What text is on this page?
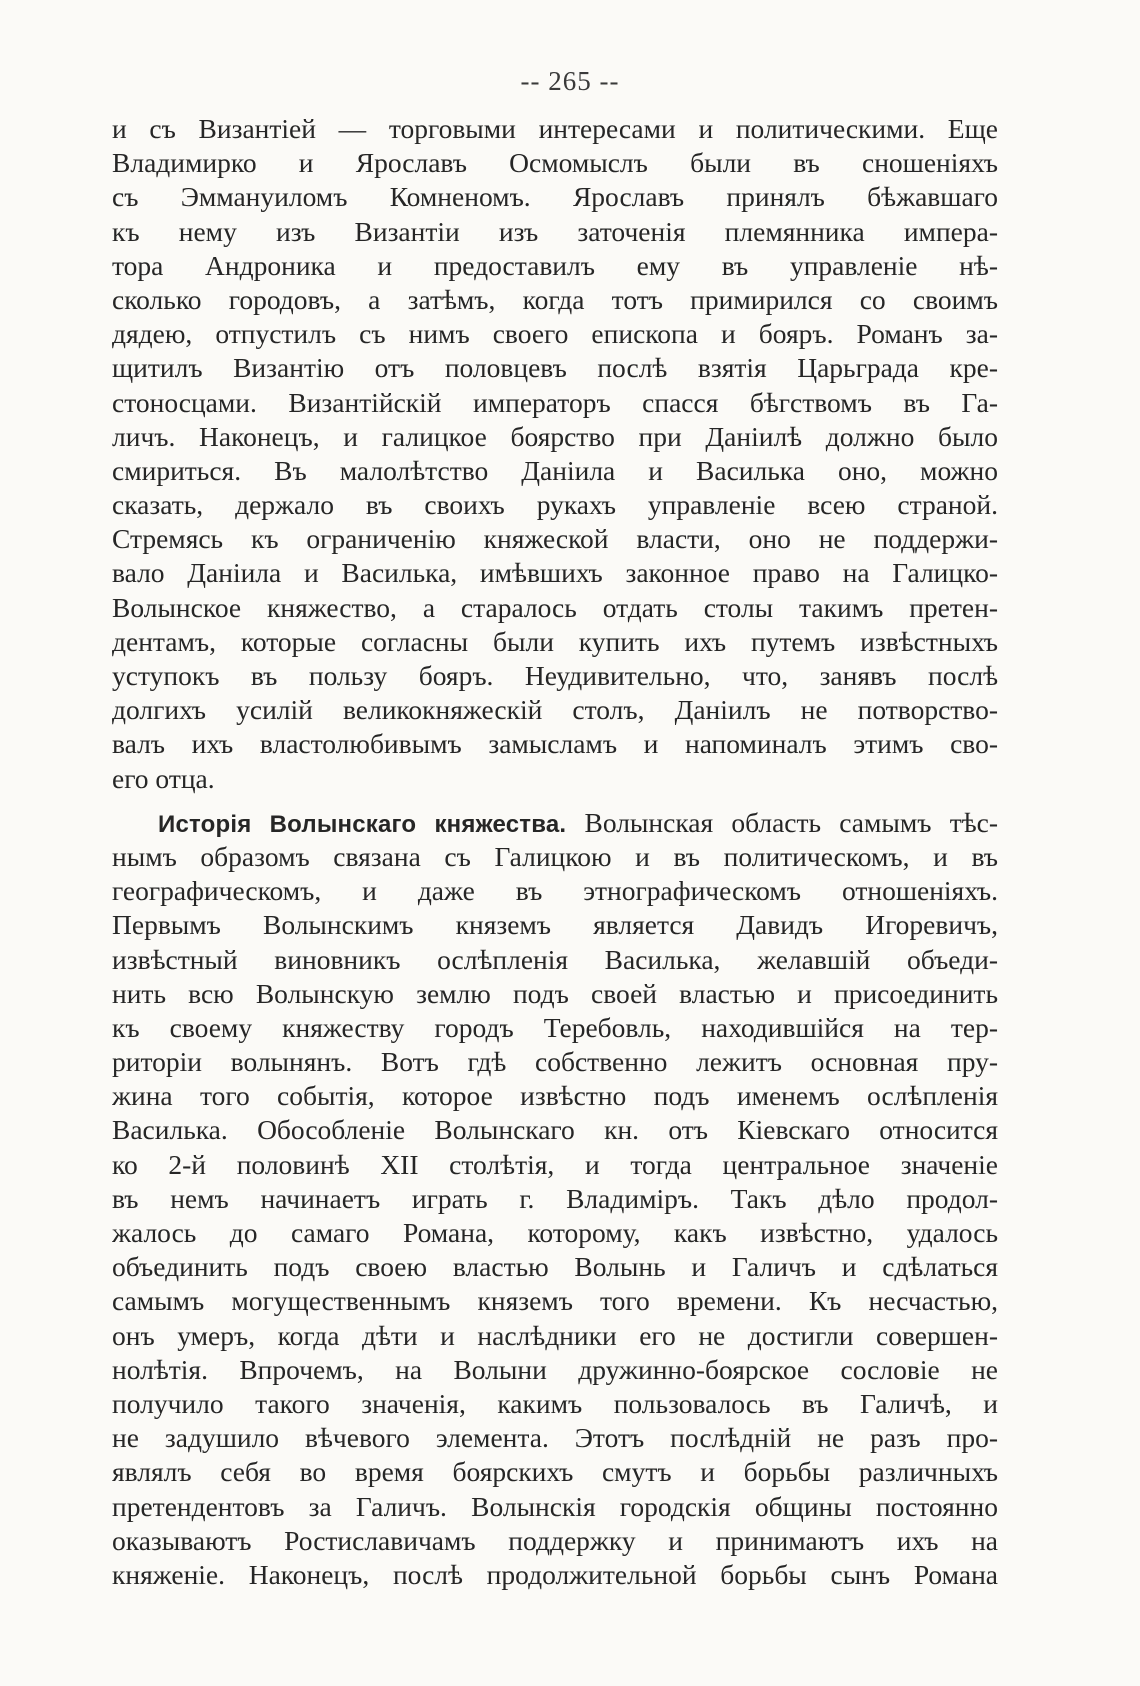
-- 265 --
и съ Византіей — торговыми интересами и политическими. Еще
Владимирко и Ярославъ Осмомыслъ были въ сношеніяхъ
съ Эммануиломъ Комненомъ. Ярославъ принялъ бѣжавшаго
къ нему изъ Византіи изъ заточенія племянника импера-
тора Андроника и предоставилъ ему въ управленіе нѣ-
сколько городовъ, а затѣмъ, когда тотъ примирился со своимъ
дядею, отпустилъ съ нимъ своего епископа и бояръ. Романъ за-
щитилъ Византію отъ половцевъ послѣ взятія Царьграда кре-
стоносцами. Византійскій императоръ спасся бѣгствомъ въ Га-
личъ. Наконецъ, и галицкое боярство при Даніилѣ должно было
смириться. Въ малолѣтство Даніила и Василька оно, можно
сказать, держало въ своихъ рукахъ управленіе всею страной.
Стремясь къ ограниченію княжеской власти, оно не поддержи-
вало Даніила и Василька, имѣвшихъ законное право на Галицко-
Волынское княжество, а старалось отдать столы такимъ претен-
дентамъ, которые согласны были купить ихъ путемъ извѣстныхъ
уступокъ въ пользу бояръ. Неудивительно, что, занявъ послѣ
долгихъ усилій великокняжескій столъ, Даніилъ не потворство-
валъ ихъ властолюбивымъ замысламъ и напоминалъ этимъ сво-
его отца.
Исторія Волынскаго княжества. Волынская область самымъ тѣс-
нымъ образомъ связана съ Галицкою и въ политическомъ, и въ
географическомъ, и даже въ этнографическомъ отношеніяхъ.
Первымъ Волынскимъ княземъ является Давидъ Игоревичъ,
извѣстный виновникъ ослѣпленія Василька, желавшій объеди-
нить всю Волынскую землю подъ своей властью и присоединить
къ своему княжеству городъ Теребовль, находившійся на тер-
риторіи волынянъ. Вотъ гдѣ собственно лежитъ основная пру-
жина того событія, которое извѣстно подъ именемъ ослѣпленія
Василька. Обособленіе Волынскаго кн. отъ Кіевскаго относится
ко 2-й половинѣ XII столѣтія, и тогда центральное значеніе
въ немъ начинаетъ играть г. Владиміръ. Такъ дѣло продол-
жалось до самаго Романа, которому, какъ извѣстно, удалось
объединить подъ своею властью Волынь и Галичъ и сдѣлаться
самымъ могущественнымъ княземъ того времени. Къ несчастью,
онъ умеръ, когда дѣти и наслѣдники его не достигли совершен-
нолѣтія. Впрочемъ, на Волыни дружинно-боярское сословіе не
получило такого значенія, какимъ пользовалось въ Галичѣ, и
не задушило вѣчевого элемента. Этотъ послѣдній не разъ про-
являлъ себя во время боярскихъ смутъ и борьбы различныхъ
претендентовъ за Галичъ. Волынскія городскія общины постоянно
оказываютъ Ростиславичамъ поддержку и принимаютъ ихъ на
княженіе. Наконецъ, послѣ продолжительной борьбы сынъ Романа
